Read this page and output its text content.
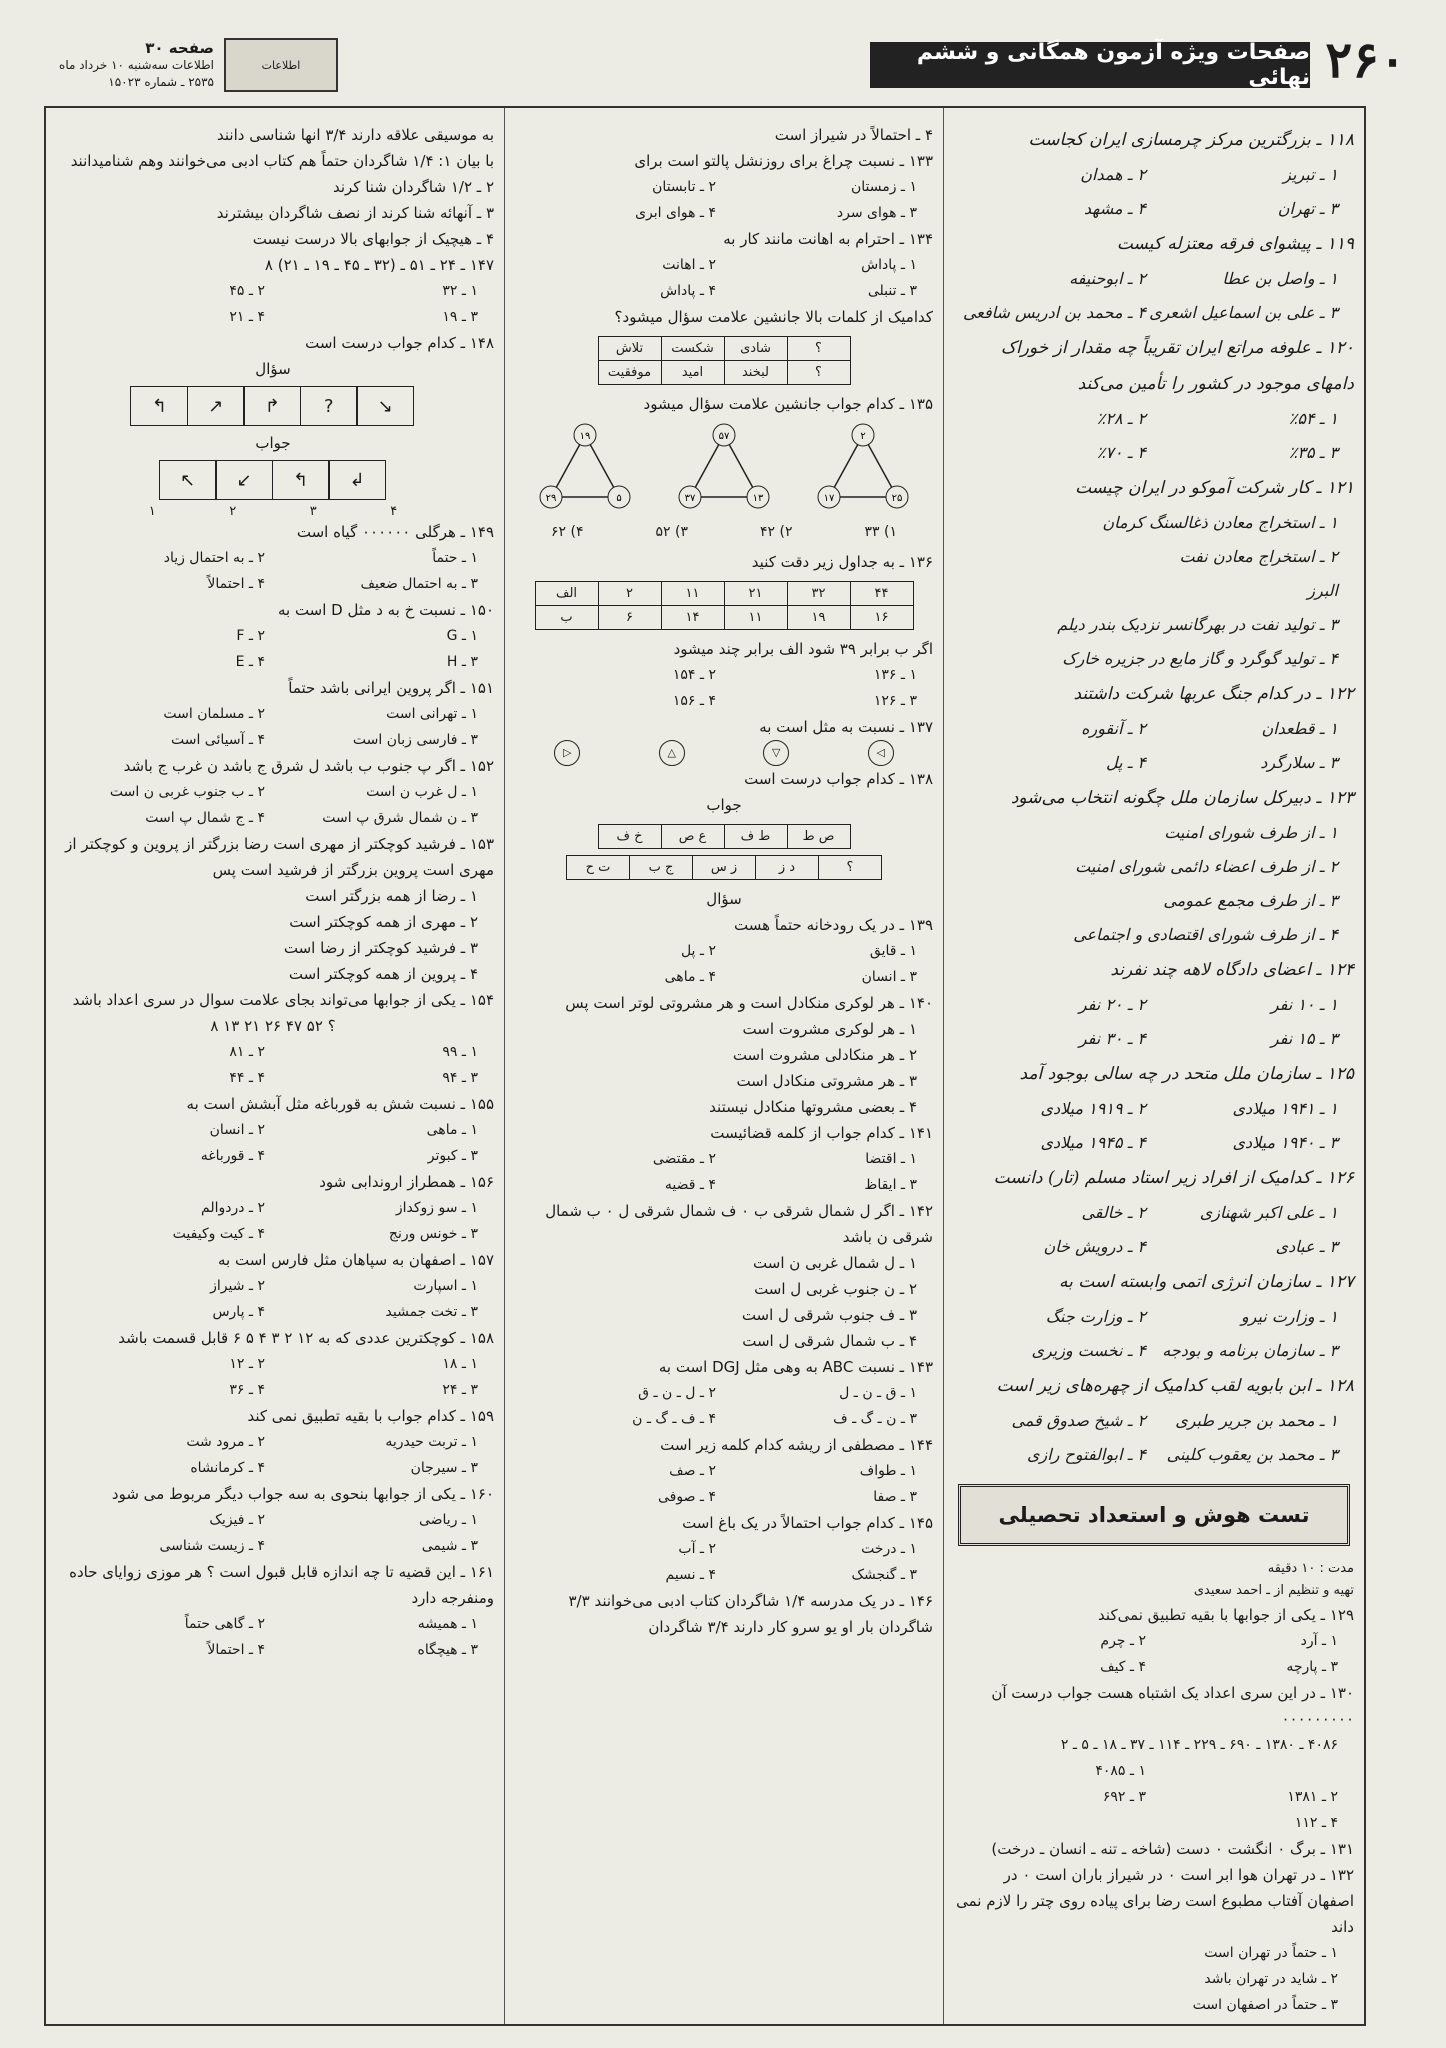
۲۶۰
صفحات ویژه آزمون همگانی و ششم نهائی
اطلاعات
صفحه ۳۰
اطلاعات سه‌شنبه ۱۰ خرداد ماه
۲۵۳۵ ـ شماره ۱۵۰۲۳

۱۱۸ ـ بزرگترین مرکز چرمسازی ایران کجاست

۱ ـ تبریز
۲ ـ همدان
۳ ـ تهران
۴ ـ مشهد

۱۱۹ ـ پیشوای فرقه معتزله کیست

۱ ـ واصل بن عطا
۲ ـ ابوحنیفه
۳ ـ علی بن اسماعیل اشعری
۴ ـ محمد بن ادریس شافعی

۱۲۰ ـ علوفه مراتع ایران تقریباً چه مقدار از خوراک دامهای موجود در کشور را تأمین می‌کند

۱ ـ ۵۴٪
۲ ـ ۲۸٪
۳ ـ ۳۵٪
۴ ـ ۷۰٪

۱۲۱ ـ کار شرکت آموکو در ایران چیست

۱ ـ استخراج معادن ذغالسنگ کرمان
۲ ـ استخراج معادن نفت البرز
۳ ـ تولید نفت در بهرگانسر نزدیک بندر دیلم
۴ ـ تولید گوگرد و گاز مایع در جزیره خارک

۱۲۲ ـ در کدام جنگ عربها شرکت داشتند

۱ ـ قطعدان
۲ ـ آنقوره
۳ ـ سلارگرد
۴ ـ پل

۱۲۳ ـ دبیرکل سازمان ملل چگونه انتخاب می‌شود

۱ ـ از طرف شورای امنیت
۲ ـ از طرف اعضاء دائمی شورای امنیت
۳ ـ از طرف مجمع عمومی
۴ ـ از طرف شورای اقتصادی و اجتماعی

۱۲۴ ـ اعضای دادگاه لاهه چند نفرند

۱ ـ ۱۰ نفر
۲ ـ ۲۰ نفر
۳ ـ ۱۵ نفر
۴ ـ ۳۰ نفر

۱۲۵ ـ سازمان ملل متحد در چه سالی بوجود آمد

۱ ـ ۱۹۴۱ میلادی
۲ ـ ۱۹۱۹ میلادی
۳ ـ ۱۹۴۰ میلادی
۴ ـ ۱۹۴۵ میلادی

۱۲۶ ـ کدامیک از افراد زیر استاد مسلم (تار) دانست

۱ ـ علی اکبر شهنازی
۲ ـ خالقی
۳ ـ عبادی
۴ ـ درویش خان

۱۲۷ ـ سازمان انرژی اتمی وابسته است به

۱ ـ وزارت نیرو
۲ ـ وزارت جنگ
۳ ـ سازمان برنامه و بودجه
۴ ـ نخست وزیری

۱۲۸ ـ ابن بابویه لقب کدامیک از چهره‌های زیر است

۱ ـ محمد بن جریر طبری
۲ ـ شیخ صدوق قمی
۳ ـ محمد بن یعقوب کلینی
۴ ـ ابوالفتوح رازی
تست هوش و استعداد تحصیلی
مدت : ۱۰ دقیقه
تهیه و تنظیم از ـ احمد سعیدی

۱۲۹ ـ یکی از جوابها با بقیه تطبیق نمی‌کند

۱ ـ آرد
۲ ـ چرم
۳ ـ پارچه
۴ ـ کیف

۱۳۰ ـ در این سری اعداد یک اشتباه هست جواب درست آن ۰۰۰۰۰۰۰۰۰

۴۰۸۶ ـ ۱۳۸۰ ـ ۶۹۰ ـ ۲۲۹ ـ ۱۱۴ ـ ۳۷ ـ ۱۸ ـ ۵ ـ ۲
۱ ـ ۴۰۸۵
۲ ـ ۱۳۸۱
۳ ـ ۶۹۲
۴ ـ ۱۱۲

۱۳۱ ـ برگ ۰ انگشت ۰ دست (شاخه ـ تنه ـ انسان ـ درخت)

۱۳۲ ـ در تهران هوا ابر است ۰ در شیراز باران است ۰ در اصفهان آفتاب مطبوع است رضا برای پیاده روی چتر را لازم نمی داند

۱ ـ حتماً در تهران است
۲ ـ شاید در تهران باشد
۳ ـ حتماً در اصفهان است

۴ ـ احتمالاً در شیراز است

۱۳۳ ـ نسبت چراغ برای روزنشل پالتو است برای

۱ ـ زمستان
۲ ـ تابستان
۳ ـ هوای سرد
۴ ـ هوای ابری

۱۳۴ ـ احترام به اهانت مانند کار به

۱ ـ پاداش
۲ ـ اهانت
۳ ـ تنبلی
۴ ـ پاداش

کدامیک از کلمات بالا جانشین علامت سؤال میشود؟

؟	شادی	شکست	تلاش
؟	لبخند	امید	موفقیت

۱۳۵ ـ کدام جواب جانشین علامت سؤال میشود

۲
۱۷	۲۵
۵۷
۳۷	۱۳
۱۹
۲۹	۵
۱) ۳۳
۲) ۴۲
۳) ۵۲
۴) ۶۲

۱۳۶ ـ به جداول زیر دقت کنید

۴۴	۳۲	۲۱	۱۱	۲	الف
۱۶	۱۹	۱۱	۱۴	۶	ب

اگر ب برابر ۳۹ شود الف برابر چند میشود

۱ ـ ۱۳۶
۲ ـ ۱۵۴
۳ ـ ۱۲۶
۴ ـ ۱۵۶

۱۳۷ ـ نسبت به مثل است به

◁
▽
△
▷

۱۳۸ ـ کدام جواب درست است

جواب
ص ط	ط ف	ع ص	خ ف
؟	د ز	ز س	ج ب	ت ح
سؤال

۱۳۹ ـ در یک رودخانه حتماً هست

۱ ـ قایق
۲ ـ پل
۳ ـ انسان
۴ ـ ماهی

۱۴۰ ـ هر لوکری منکادل است و هر مشروتی لوتر است پس

۱ ـ هر لوکری مشروت است
۲ ـ هر منکادلی مشروت است
۳ ـ هر مشروتی منکادل است
۴ ـ بعضی مشروتها منکادل نیستند

۱۴۱ ـ کدام جواب از کلمه قضائیست

۱ ـ اقتضا
۲ ـ مقتضی
۳ ـ ایقاظ
۴ ـ قضیه

۱۴۲ ـ اگر ل شمال شرقی ب ۰ ف شمال شرقی ل ۰ ب شمال شرقی ن باشد

۱ ـ ل شمال غربی ن است
۲ ـ ن جنوب غربی ل است
۳ ـ ف جنوب شرقی ل است
۴ ـ ب شمال شرقی ل است

۱۴۳ ـ نسبت ABC به وهی مثل DGJ است به

۱ ـ ق ـ ن ـ ل
۲ ـ ل ـ ن ـ ق
۳ ـ ن ـ گ ـ ف
۴ ـ ف ـ گ ـ ن

۱۴۴ ـ مصطفی از ریشه کدام کلمه زیر است

۱ ـ طواف
۲ ـ صف
۳ ـ صفا
۴ ـ صوفی

۱۴۵ ـ کدام جواب احتمالاً در یک باغ است

۱ ـ درخت
۲ ـ آب
۳ ـ گنجشک
۴ ـ نسیم

۱۴۶ ـ در یک مدرسه ۱/۴ شاگردان کتاب ادبی می‌خوانند ۳/۳ شاگردان بار او یو سرو کار دارند ۳/۴ شاگردان

به موسیقی علاقه دارند ۳/۴ انها شناسی دانند

با بیان ۱: ۱/۴ شاگردان حتماً هم کتاب ادبی می‌خوانند وهم شنامیدانند

۲ ـ ۱/۲ شاگردان شنا کرند

۳ ـ آنهائه شنا کرند از نصف شاگردان بیشترند

۴ ـ هیچیک از جوابهای بالا درست نیست

۱۴۷ ـ ۲۴ ـ ۵۱ ـ (۳۲ ـ ۴۵ ـ ۱۹ ـ ۲۱) ۸

۱ ـ ۳۲
۲ ـ ۴۵
۳ ـ ۱۹
۴ ـ ۲۱

۱۴۸ ـ کدام جواب درست است

سؤال
↰	↗	↱	?	↘
جواب
↖	↙	↰	↲
۱	۲	۳	۴

۱۴۹ ـ هرگلی ۰۰۰۰۰۰ گیاه است

۱ ـ حتماً
۲ ـ به احتمال زیاد
۳ ـ به احتمال ضعیف
۴ ـ احتمالاً

۱۵۰ ـ نسبت خ به د مثل D است به

۱ ـ G
۲ ـ F
۳ ـ H
۴ ـ E

۱۵۱ ـ اگر پروین ایرانی باشد حتماً

۱ ـ تهرانی است
۲ ـ مسلمان است
۳ ـ فارسی زبان است
۴ ـ آسیائی است

۱۵۲ ـ اگر پ جنوب ب باشد ل شرق ج باشد ن غرب ج باشد

۱ ـ ل غرب ن است
۲ ـ ب جنوب غربی ن است
۳ ـ ن شمال شرق پ است
۴ ـ ج شمال پ است

۱۵۳ ـ فرشید کوچکتر از مهری است رضا بزرگتر از پروین و کوچکتر از مهری است پروین بزرگتر از فرشید است پس

۱ ـ رضا از همه بزرگتر است
۲ ـ مهری از همه کوچکتر است
۳ ـ فرشید کوچکتر از رضا است
۴ ـ پروین از همه کوچکتر است

۱۵۴ ـ یکی از جوابها می‌تواند بجای علامت سوال در سری اعداد باشد

؟ ۵۲ ۴۷ ۲۶ ۲۱ ۱۳ ۸

۱ ـ ۹۹
۲ ـ ۸۱
۳ ـ ۹۴
۴ ـ ۴۴

۱۵۵ ـ نسبت شش به قورباغه مثل آبشش است به

۱ ـ ماهی
۲ ـ انسان
۳ ـ کبوتر
۴ ـ قورباغه

۱۵۶ ـ همطراز اروندابی شود

۱ ـ سو زوکداز
۲ ـ دردوالم
۳ ـ خونس ورنج
۴ ـ کیت وکیفیت

۱۵۷ ـ اصفهان به سپاهان مثل فارس است به

۱ ـ اسپارت
۲ ـ شیراز
۳ ـ تخت جمشید
۴ ـ پارس

۱۵۸ ـ کوچکترین عددی که به ۱۲ ۲ ۳ ۴ ۵ ۶ قابل قسمت باشد

۱ ـ ۱۸
۲ ـ ۱۲
۳ ـ ۲۴
۴ ـ ۳۶

۱۵۹ ـ کدام جواب با بقیه تطبیق نمی کند

۱ ـ تربت حیدریه
۲ ـ مرود شت
۳ ـ سیرجان
۴ ـ کرمانشاه

۱۶۰ ـ یکی از جوابها بنحوی به سه جواب دیگر مربوط می شود

۱ ـ ریاضی
۲ ـ فیزیک
۳ ـ شیمی
۴ ـ زیست شناسی

۱۶۱ ـ این قضیه تا چه اندازه قابل قبول است ؟ هر موزی زوایای حاده ومنفرجه دارد

۱ ـ همیشه
۲ ـ گاهی حتماً
۳ ـ هیچگاه
۴ ـ احتمالاً
